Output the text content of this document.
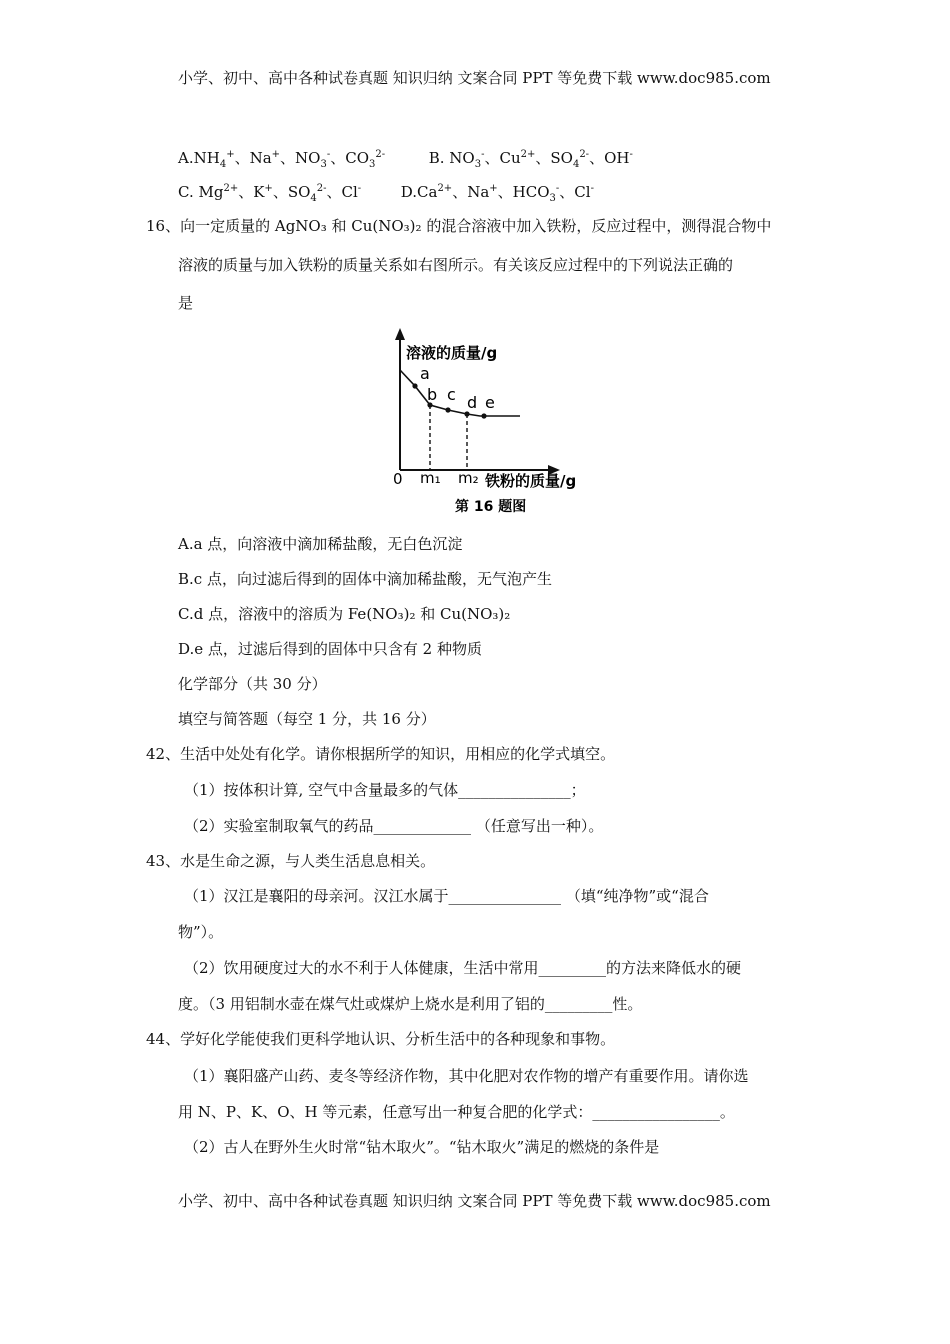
小学、初中、高中各种试卷真题 知识归纳 文案合同 PPT 等免费下载 www.doc985.com
$A.NH_4^+$、Na+、$NO_3^-$、$CO_3^{2-}$	B. $NO_3^-$、$Cu^{2+}$、$SO_4^{2-}$、OH-
C. $Mg^{2+}$、K+、$SO_4^{2-}$、Cl-	$D.Ca^{2+}$、Na+、$HCO_3^-$、Cl-
16、向一定质量的 AgNO₃ 和 Cu(NO₃)₂ 的混合溶液中加入铁粉，反应过程中，测得混合物中
溶液的质量与加入铁粉的质量关系如右图所示。有关该反应过程中的下列说法正确的
是
溶液的质量/g
a
b c d e
0 m₁ m₂ 铁粉的质量/g
第 16 题图
A.a 点，向溶液中滴加稀盐酸，无白色沉淀
B.c 点，向过滤后得到的固体中滴加稀盐酸，无气泡产生
C.d 点，溶液中的溶质为 Fe(NO₃)₂ 和 Cu(NO₃)₂
D.e 点，过滤后得到的固体中只含有 2 种物质
化学部分（共 30 分）
填空与简答题（每空 1 分，共 16 分）
42、生活中处处有化学。请你根据所学的知识，用相应的化学式填空。
（1）按体积计算, 空气中含量最多的气体_______________；
（2）实验室制取氧气的药品_____________ （任意写出一种）。
43、水是生命之源，与人类生活息息相关。
（1）汉江是襄阳的母亲河。汉江水属于_______________ （填“纯净物”或“混合
物”）。
（2）饮用硬度过大的水不利于人体健康，生活中常用_________的方法来降低水的硬
度。（3 用铝制水壶在煤气灶或煤炉上烧水是利用了铝的_________性。
44、学好化学能使我们更科学地认识、分析生活中的各种现象和事物。
（1）襄阳盛产山药、麦冬等经济作物，其中化肥对农作物的增产有重要作用。请你选
用 N、P、K、O、H 等元素，任意写出一种复合肥的化学式：_________________。
（2）古人在野外生火时常“钻木取火”。“钻木取火”满足的燃烧的条件是
小学、初中、高中各种试卷真题 知识归纳 文案合同 PPT 等免费下载 www.doc985.com
